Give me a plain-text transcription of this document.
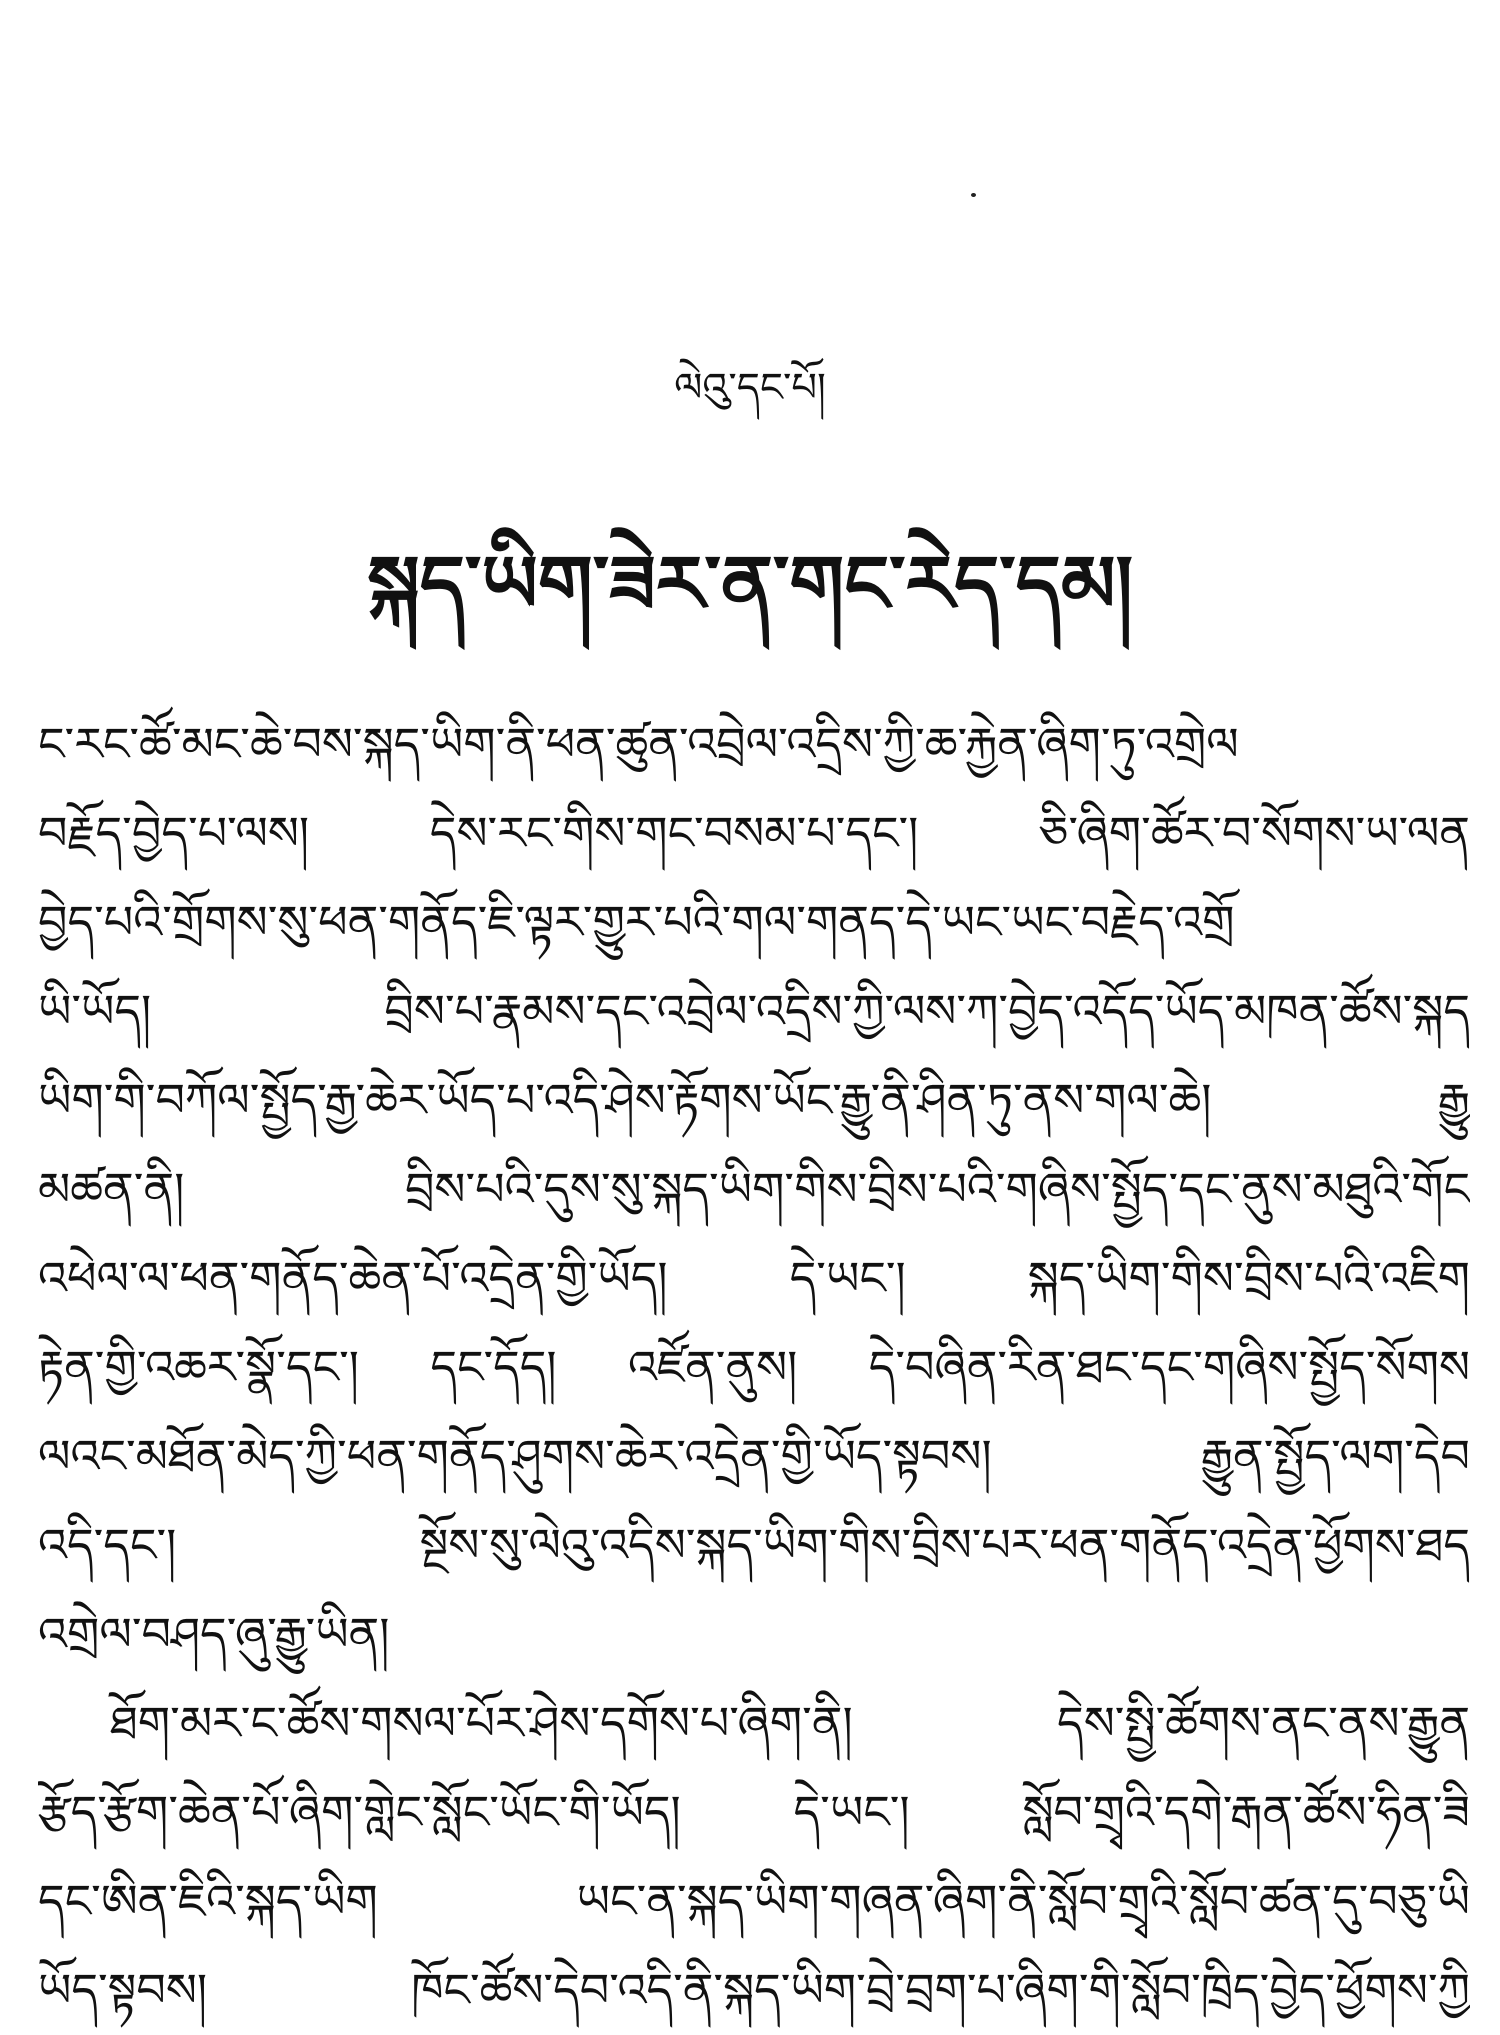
ལེའུ་དང་པོ།
སྐད་ཡིག་ཟེར་ན་གང་རེད་དམ།
ང་རང་ཚོ་མང་ཆེ་བས་སྐད་ཡིག་ནི་ཕན་ཚུན་འབྲེལ་འདྲིས་ཀྱི་ཆ་རྐྱེན་ཞིག་ཏུ་འགྲེལ
བརྗོད་བྱེད་པ་ལས། དེས་རང་གིས་གང་བསམ་པ་དང་། ཅི་ཞིག་ཚོར་བ་སོགས་ཡ་ལན
བྱེད་པའི་གྲོགས་སུ་ཕན་གནོད་ཇི་ལྟར་གྱུར་པའི་གལ་གནད་དེ་ཡང་ཡང་བརྗེད་འགྲོ
ཡི་ཡོད། བྲིས་པ་རྣམས་དང་འབྲེལ་འདྲིས་ཀྱི་ལས་ཀ་བྱེད་འདོད་ཡོད་མཁན་ཚོས་སྐད
ཡིག་གི་བཀོལ་སྤྱོད་རྒྱ་ཆེར་ཡོད་པ་འདི་ཤེས་རྟོགས་ཡོང་རྒྱུ་ནི་ཤིན་ཏུ་ནས་གལ་ཆེ། རྒྱུ
མཚན་ནི། བྲིས་པའི་དུས་སུ་སྐད་ཡིག་གིས་བྲིས་པའི་གཞིས་སྤྱོད་དང་ནུས་མཐུའི་གོང
འཕེལ་ལ་ཕན་གནོད་ཆེན་པོ་འདྲེན་གྱི་ཡོད། དེ་ཡང་། སྐད་ཡིག་གིས་བྲིས་པའི་འཇིག
རྟེན་གྱི་འཆར་སྣོ་དང་། དང་དོད། འཛོན་ནུས། དེ་བཞིན་རིན་ཐང་དང་གཞིས་སྤྱོད་སོགས
ལའང་མཐོན་མེད་ཀྱི་ཕན་གནོད་ཤུགས་ཆེར་འདྲེན་གྱི་ཡོད་སྟབས། རྒྱུན་སྤྱོད་ལག་དེབ
འདི་དང་། སྔོས་སུ་ལེའུ་འདིས་སྐད་ཡིག་གིས་བྲིས་པར་ཕན་གནོད་འདྲེན་ཕྱོགས་ཐད
འགྲེལ་བཤད་ཞུ་རྒྱུ་ཡིན།
ཐོག་མར་ང་ཚོས་གསལ་པོར་ཤེས་དགོས་པ་ཞིག་ནི། དེས་སྤྱི་ཚོགས་ནང་ནས་རྒྱུན
རྩོད་རྩོག་ཆེན་པོ་ཞིག་གླེང་སློང་ཡོང་གི་ཡོད། དེ་ཡང་། སློབ་གྲྭའི་དགེ་རྒན་ཚོས་ཧིན་ཟི
དང་ཨིན་ཇིའི་སྐད་ཡིག ཡང་ན་སྐད་ཡིག་གཞན་ཞིག་ནི་སློབ་གྲྭའི་སློབ་ཚན་དུ་བཅུ་ཡི
ཡོད་སྟབས། ཁོང་ཚོས་དེབ་འདི་ནི་སྐད་ཡིག་བྲེ་བྲག་པ་ཞིག་གི་སློབ་ཁྲིད་བྱེད་ཕྱོགས་ཀྱི
